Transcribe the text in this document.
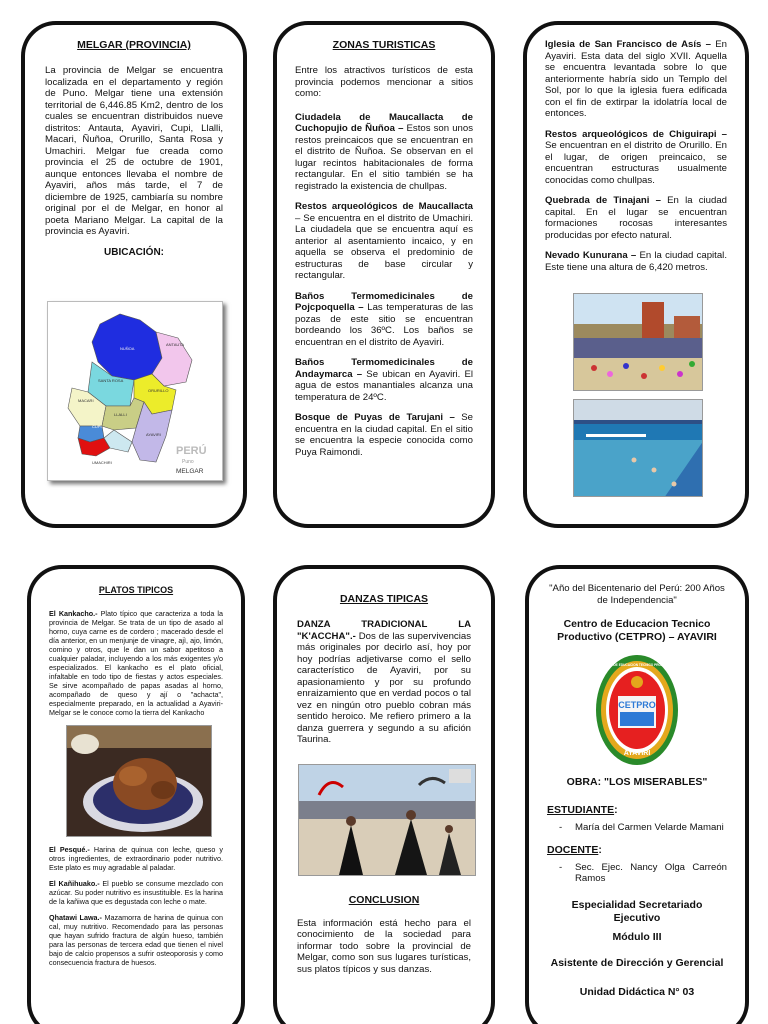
MELGAR (PROVINCIA)

La provincia de Melgar se encuentra localizada en el departamento y región de Puno. Melgar tiene una extensión territorial de 6,446.85 Km2, dentro de los cuales se encuentran distribuidos nueve distritos: Antauta, Ayaviri, Cupi, Llalli, Macari, Ñuñoa, Orurillo, Santa Rosa y Umachiri. Melgar fue creada como provincia el 25 de octubre de 1901, aunque entonces llevaba el nombre de Ayaviri, años más tarde, el 7 de diciembre de 1925, cambiaría su nombre original por el de Melgar, en honor al poeta Mariano Melgar. La capital de la provincia es Ayaviri.

UBICACIÓN:
NUÑOA
ANTAUTA
SANTA ROSA
MACARI
ORURILLO
CUPI
LLALLI
AYAVIRI
UMACHIRI
PERÚ
Puno
MELGAR
ZONAS TURISTICAS

Entre los atractivos turísticos de esta provincia podemos mencionar a sitios como:

Ciudadela de Maucallacta de Cuchopujio de Ñuñoa – Estos son unos restos preincaicos que se encuentran en el distrito de Ñuñoa. Se observan en el lugar recintos habitacionales de forma rectangular. En el sitio también se ha registrado la existencia de chullpas.

Restos arqueológicos de Maucallacta – Se encuentra en el distrito de Umachiri. La ciudadela que se encuentra aquí es anterior al asentamiento incaico, y en aquella se observa el predominio de estructuras de base circular y rectangular.

Baños Termomedicinales de Pojcpoquella – Las temperaturas de las pozas de este sitio se encuentran bordeando los 36ºC. Los baños se encuentran en el distrito de Ayaviri.

Baños Termomedicinales de Andaymarca – Se ubican en Ayaviri. El agua de estos manantiales alcanza una temperatura de 24ºC.

Bosque de Puyas de Tarujani – Se encuentra en la ciudad capital. En el sitio se encuentra la especie conocida como Puya Raimondi.

Iglesia de San Francisco de Asís – En Ayaviri. Esta data del siglo XVII. Aquella se encuentra levantada sobre lo que anteriormente habría sido un Templo del Sol, por lo que la iglesia fuera edificada con el fin de extirpar la idolatría local de entonces.

Restos arqueológicos de Chiguirapi – Se encuentran en el distrito de Orurillo. En el lugar, de origen preincaico, se encuentran estructuras usualmente conocidas como chullpas.

Quebrada de Tinajani – En la ciudad capital. En el lugar se encuentran formaciones rocosas interesantes producidas por efecto natural.

Nevado Kunurana – En la ciudad capital. Este tiene una altura de 6,420 metros.

PLATOS TIPICOS

El Kankacho.- Plato típico que caracteriza a toda la provincia de Melgar. Se trata de un tipo de asado al horno, cuya carne es de cordero ; macerado desde el día anterior, en un menjunje de vinagre, ajì, ajo, limón, comino y otros, que le dan un sabor apetitoso a cualquier paladar, incluyendo a los más exigentes y/o especializados. El kankacho es el plato oficial, infaltable en todo tipo de fiestas y actos especiales. Se sirve acompañado de papas asadas al horno, acompañado de queso y ají o "achacta", especialmente preparado, en la actualidad a Ayaviri-Melgar se le conoce como la tierra del Kankacho

El Pesqué.- Harina de quinua con leche, queso y otros ingredientes, de extraordinario poder nutritivo. Este plato es muy agradable al paladar.

El Kañihuako.- El pueblo se consume mezclado con azúcar. Su poder nutritivo es insustituible. Es la harina de la kañiwa que es degustada con leche o mate.

Qhatawi Lawa.- Mazamorra de harina de quinua con cal, muy nutritivo. Recomendado para las personas que hayan sufrido fractura de algún hueso, también para las personas de tercera edad que tienen el nivel bajo de calcio propensos a sufrir osteoporosis y como consecuencia fractura de huesos.

DANZAS TIPICAS

DANZA TRADICIONAL LA "K'ACCHA".- Dos de las supervivencias más originales por decirlo así, hoy por hoy podrías adjetivarse como el sello característico de Ayaviri, por su apasionamiento y por su profundo enraizamiento que en verdad pocos o tal vez en ningún otro pueblo cobran más sentido heroico. Me refiero primero a la danza guerrera y segundo a su afición Taurina.

CONCLUSION

Esta información está hecho para el conocimiento de la sociedad para informar todo sobre la provincial de Melgar, como son sus lugares turísticas, sus platos típicos y sus danzas.

"Año del Bicentenario del Perú: 200 Años de Independencia"
Centro de Educacion Tecnico Productivo (CETPRO) – AYAVIRI
CETPRO
AYAVIRI
CENTRO DE EDUCACION TECNICO PRODUCTIVA
OBRA: "LOS MISERABLES"
ESTUDIANTE:
-	María del Carmen Velarde Mamani
DOCENTE:
-	Sec. Ejec. Nancy Olga Carreón Ramos
Especialidad Secretariado Ejecutivo
Módulo III
Asistente de Dirección y Gerencial
Unidad Didáctica N° 03
